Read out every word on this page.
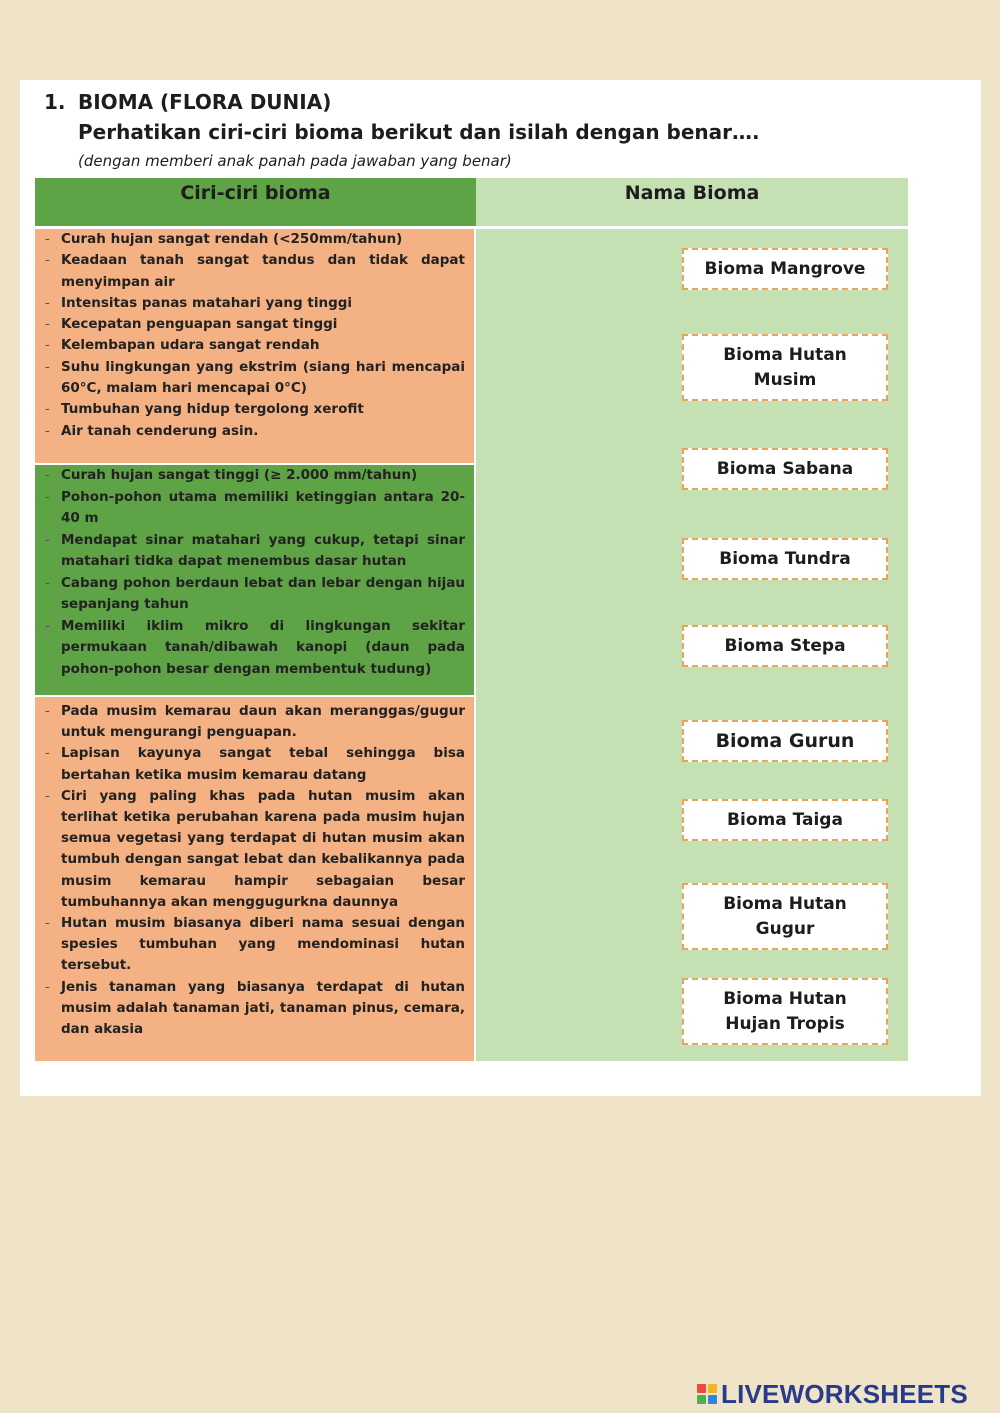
1. BIOMA (FLORA DUNIA)
Perhatikan ciri-ciri bioma berikut dan isilah dengan benar….
(dengan memberi anak panah pada jawaban yang benar)
Ciri-ciri bioma	Nama Bioma
- Curah hujan sangat rendah (<250mm/tahun)
- Keadaan tanah sangat tandus dan tidak dapat menyimpan air
- Intensitas panas matahari yang tinggi
- Kecepatan penguapan sangat tinggi
- Kelembapan udara sangat rendah
- Suhu lingkungan yang ekstrim (siang hari mencapai 60°C, malam hari mencapai 0°C)
- Tumbuhan yang hidup tergolong xerofit
- Air tanah cenderung asin.
- Curah hujan sangat tinggi (≥ 2.000 mm/tahun)
- Pohon-pohon utama memiliki ketinggian antara 20-40 m
- Mendapat sinar matahari yang cukup, tetapi sinar matahari tidka dapat menembus dasar hutan
- Cabang pohon berdaun lebat dan lebar dengan hijau sepanjang tahun
- Memiliki iklim mikro di lingkungan sekitar permukaan tanah/dibawah kanopi (daun pada pohon-pohon besar dengan membentuk tudung)
- Pada musim kemarau daun akan meranggas/gugur untuk mengurangi penguapan.
- Lapisan kayunya sangat tebal sehingga bisa bertahan ketika musim kemarau datang
- Ciri yang paling khas pada hutan musim akan terlihat ketika perubahan karena pada musim hujan semua vegetasi yang terdapat di hutan musim akan tumbuh dengan sangat lebat dan kebalikannya pada musim kemarau hampir sebagaian besar tumbuhannya akan menggugurkna daunnya
- Hutan musim biasanya diberi nama sesuai dengan spesies tumbuhan yang mendominasi hutan tersebut.
- Jenis tanaman yang biasanya terdapat di hutan musim adalah tanaman jati, tanaman pinus, cemara, dan akasia
Bioma Mangrove
Bioma Hutan Musim
Bioma Sabana
Bioma Tundra
Bioma Stepa
Bioma Gurun
Bioma Taiga
Bioma Hutan Gugur
Bioma Hutan Hujan Tropis
LIVEWORKSHEETS
